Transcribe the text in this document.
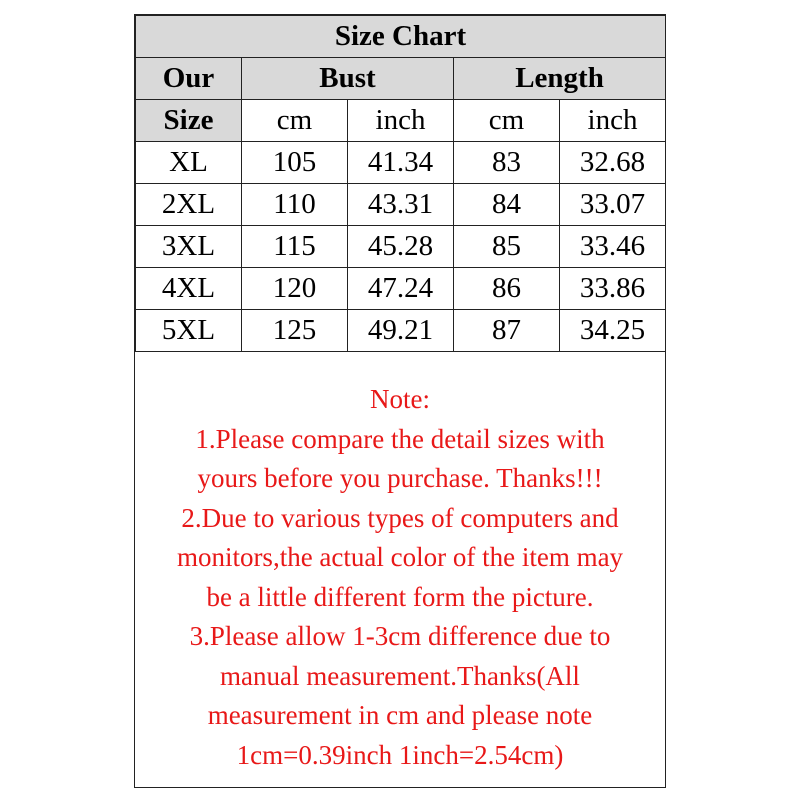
Size Chart				
Our	Bust		Length	
Size	cm	inch	cm	inch
XL	105	41.34	83	32.68
2XL	110	43.31	84	33.07
3XL	115	45.28	85	33.46
4XL	120	47.24	86	33.86
5XL	125	49.21	87	34.25
Note:
1.Please compare the detail sizes with
yours before you purchase. Thanks!!!
2.Due to various types of computers and
monitors,the actual color of the item may
be a little different form the picture.
3.Please allow 1-3cm difference due to
manual measurement.Thanks(All
measurement in cm and please note
1cm=0.39inch 1inch=2.54cm)
